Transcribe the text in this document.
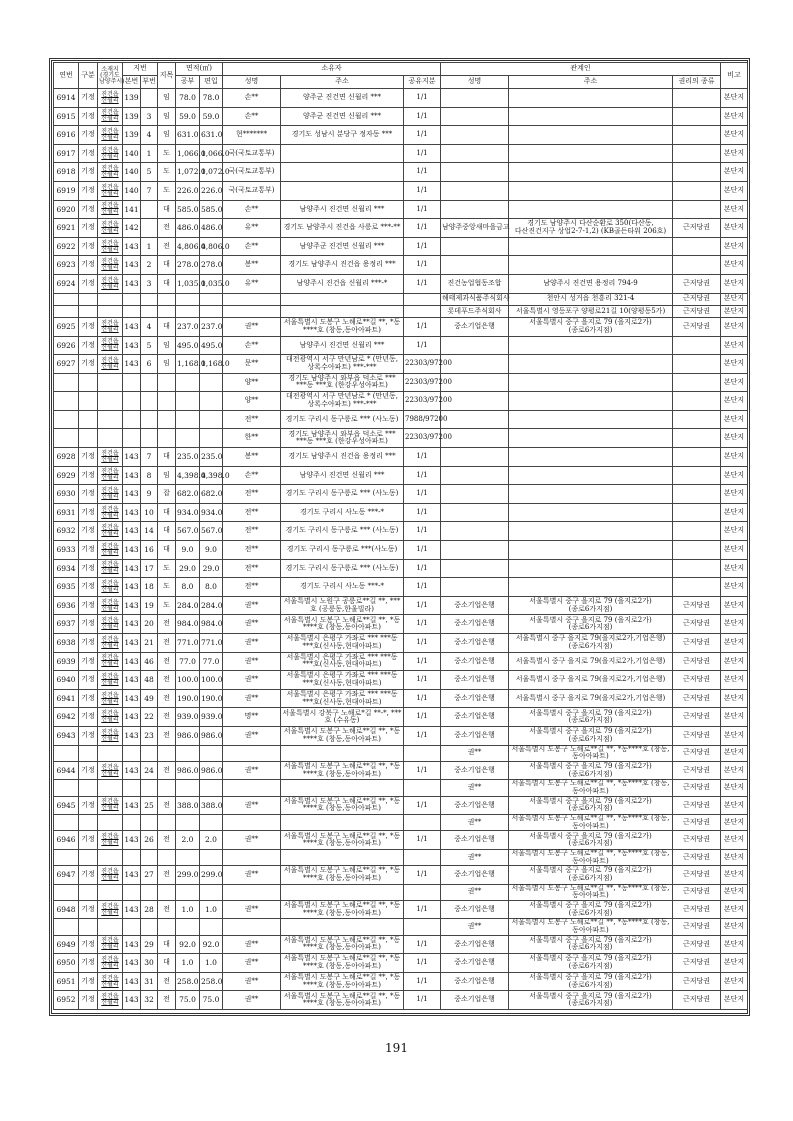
연번	구분	소재지 (경기도 남양주시)	지번		지목	면적(㎡)		소유자			관계인			비고
			본번	부번		공부	편입	성명	주소	공유지분	성명	주소	권리의 종류	
6914	기정	진건읍 신월리	139		임	78.0	78.0	손**	양주군 진건면 신월리 ***	1/1				본단지
6915	기정	진건읍 신월리	139	3	임	59.0	59.0	손**	양주군 진건면 신월리 ***	1/1				본단지
6916	기정	진건읍 신월리	139	4	임	631.0	631.0	현*******	경기도 성남시 분당구 정자동 ***	1/1				본단지
6917	기정	진건읍 신월리	140	1	도	1,066.0	1,066.0	국(국토교통부)		1/1				본단지
6918	기정	진건읍 신월리	140	5	도	1,072.0	1,072.0	국(국토교통부)		1/1				본단지
6919	기정	진건읍 신월리	140	7	도	226.0	226.0	국(국토교통부)		1/1				본단지
6920	기정	진건읍 신월리	141		대	585.0	585.0	손**	남양주시 진건면 신월리 ***	1/1				본단지
6921	기정	진건읍 신월리	142		전	486.0	486.0	유**	경기도 남양주시 진건읍 사릉로 ***-**	1/1	남양주중앙새마을금고	경기도 남양주시 다산순환로 350(다산동,다산진건지구 상업2-7-1,2) (KB골든타워 206호)	근저당권	본단지
6922	기정	진건읍 신월리	143	1	전	4,806.0	4,806.0	손**	남양주군 진건면 신월리 ***	1/1				본단지
6923	기정	진건읍 신월리	143	2	대	278.0	278.0	봉**	경기도 남양주시 진건읍 용정리 ***	1/1				본단지
6924	기정	진건읍 신월리	143	3	대	1,035.0	1,035.0	유**	남양주시 진건읍 신월리 ***-*	1/1	진건농업협동조합	남양주시 진건면 용정리 794-9	근저당권	본단지
											해태제과식품주식회사	천안시 성거읍 천흥리 321-4	근저당권	본단지
											롯데푸드주식회사	서울특별시 영등포구 양평로21길 10(양평동5가)	근저당권	본단지
6925	기정	진건읍 신월리	143	4	대	237.0	237.0	권**	서울특별시 도봉구 노해로**길 **, *동 ****호 (창동,동아아파트)	1/1	중소기업은행	서울특별시 중구 을지로 79 (을지로2가)(종로6가지점)	근저당권	본단지
6926	기정	진건읍 신월리	143	5	임	495.0	495.0	손**	남양주시 진건면 신월리 ***	1/1				본단지
6927	기정	진건읍 신월리	143	6	임	1,168.0	1,168.0	문**	대전광역시 서구 만년남로 * (만년동,상록수아파트) ***-***	22303/97200				본단지
								양**	경기도 남양주시 와부읍 덕소로 *** ***동 ***호 (한강우성아파트)	22303/97200				본단지
								양**	대전광역시 서구 만년남로 * (만년동,상록수아파트) ***-***	22303/97200				본단지
								전**	경기도 구리시 동구릉로 *** (사노동)	7988/97200				본단지
								한**	경기도 남양주시 와부읍 덕소로 *** ***동 ***호 (한강우성아파트)	22303/97200				본단지
6928	기정	진건읍 신월리	143	7	대	235.0	235.0	봉**	경기도 남양주시 진건읍 용정리 ***	1/1				본단지
6929	기정	진건읍 신월리	143	8	임	4,398.0	4,398.0	손**	남양주시 진건면 신월리 ***	1/1				본단지
6930	기정	진건읍 신월리	143	9	잡	682.0	682.0	전**	경기도 구리시 동구릉로 *** (사노동)	1/1				본단지
6931	기정	진건읍 신월리	143	10	대	934.0	934.0	전**	경기도 구리시 사노동 ***-*	1/1				본단지
6932	기정	진건읍 신월리	143	14	대	567.0	567.0	전**	경기도 구리시 동구릉로 *** (사노동)	1/1				본단지
6933	기정	진건읍 신월리	143	16	대	9.0	9.0	전**	경기도 구리시 동구릉로 ***(사노동)	1/1				본단지
6934	기정	진건읍 신월리	143	17	도	29.0	29.0	전**	경기도 구리시 동구릉로 *** (사노동)	1/1				본단지
6935	기정	진건읍 신월리	143	18	도	8.0	8.0	전**	경기도 구리시 사노동 ***-*	1/1				본단지
6936	기정	진건읍 신월리	143	19	도	284.0	284.0	권**	서울특별시 노원구 공릉로**길 **, ***호 (공릉동,한울빌라)	1/1	중소기업은행	서울특별시 중구 을지로 79 (을지로2가)(종로6가지점)	근저당권	본단지
6937	기정	진건읍 신월리	143	20	전	984.0	984.0	권**	서울특별시 도봉구 노해로**길 **, *동 ****호 (창동,동아아파트)	1/1	중소기업은행	서울특별시 중구 을지로 79 (을지로2가)(종로6가지점)	근저당권	본단지
6938	기정	진건읍 신월리	143	21	전	771.0	771.0	권**	서울특별시 은평구 가좌로 *** ***동 ***호(신사동,현대아파트)	1/1	중소기업은행	서울특별시 중구 을지로 79(을지로2가,기업은행)(종로6가지점)	근저당권	본단지
6939	기정	진건읍 신월리	143	46	전	77.0	77.0	권**	서울특별시 은평구 가좌로 *** ***동 ***호(신사동,현대아파트)	1/1	중소기업은행	서울특별시 중구 을지로 79(을지로2가,기업은행)	근저당권	본단지
6940	기정	진건읍 신월리	143	48	전	100.0	100.0	권**	서울특별시 은평구 가좌로 *** ***동 ***호(신사동,현대아파트)	1/1	중소기업은행	서울특별시 중구 을지로 79(을지로2가,기업은행)	근저당권	본단지
6941	기정	진건읍 신월리	143	49	전	190.0	190.0	권**	서울특별시 은평구 가좌로 *** ***동 ***호(신사동,현대아파트)	1/1	중소기업은행	서울특별시 중구 을지로 79(을지로2가,기업은행)	근저당권	본단지
6942	기정	진건읍 신월리	143	22	전	939.0	939.0	명**	서울특별시 강북구 노해로*길 **-*, ***호 (수유동)	1/1	중소기업은행	서울특별시 중구 을지로 79 (을지로2가)(종로6가지점)	근저당권	본단지
6943	기정	진건읍 신월리	143	23	전	986.0	986.0	권**	서울특별시 도봉구 노해로**길 **, *동 ****호 (창동,동아아파트)	1/1	중소기업은행	서울특별시 중구 을지로 79 (을지로2가)(종로6가지점)	근저당권	본단지
											권**	서울특별시 도봉구 노해로**길 **, *동****호 (창동,동아아파트)	근저당권	본단지
6944	기정	진건읍 신월리	143	24	전	986.0	986.0	권**	서울특별시 도봉구 노해로**길 **, *동 ****호 (창동,동아아파트)	1/1	중소기업은행	서울특별시 중구 을지로 79 (을지로2가)(종로6가지점)	근저당권	본단지
											권**	서울특별시 도봉구 노해로**길 **, *동****호 (창동,동아아파트)	근저당권	본단지
6945	기정	진건읍 신월리	143	25	전	388.0	388.0	권**	서울특별시 도봉구 노해로**길 **, *동 ****호 (창동,동아아파트)	1/1	중소기업은행	서울특별시 중구 을지로 79 (을지로2가)(종로6가지점)	근저당권	본단지
											권**	서울특별시 도봉구 노해로**길 **, *동****호 (창동,동아아파트)	근저당권	본단지
6946	기정	진건읍 신월리	143	26	전	2.0	2.0	권**	서울특별시 도봉구 노해로**길 **, *동 ****호 (창동,동아아파트)	1/1	중소기업은행	서울특별시 중구 을지로 79 (을지로2가)(종로6가지점)	근저당권	본단지
											권**	서울특별시 도봉구 노해로**길 **, *동****호 (창동,동아아파트)	근저당권	본단지
6947	기정	진건읍 신월리	143	27	전	299.0	299.0	권**	서울특별시 도봉구 노해로**길 **, *동 ****호 (창동,동아아파트)	1/1	중소기업은행	서울특별시 중구 을지로 79 (을지로2가)(종로6가지점)	근저당권	본단지
											권**	서울특별시 도봉구 노해로**길 **, *동****호 (창동,동아아파트)	근저당권	본단지
6948	기정	진건읍 신월리	143	28	전	1.0	1.0	권**	서울특별시 도봉구 노해로**길 **, *동 ****호 (창동,동아아파트)	1/1	중소기업은행	서울특별시 중구 을지로 79 (을지로2가)(종로6가지점)	근저당권	본단지
											권**	서울특별시 도봉구 노해로**길 **, *동****호 (창동,동아아파트)	근저당권	본단지
6949	기정	진건읍 신월리	143	29	대	92.0	92.0	권**	서울특별시 도봉구 노해로**길 **, *동 ****호 (창동,동아아파트)	1/1	중소기업은행	서울특별시 중구 을지로 79 (을지로2가)(종로6가지점)	근저당권	본단지
6950	기정	진건읍 신월리	143	30	대	1.0	1.0	권**	서울특별시 도봉구 노해로**길 **, *동 ****호 (창동,동아아파트)	1/1	중소기업은행	서울특별시 중구 을지로 79 (을지로2가)(종로6가지점)	근저당권	본단지
6951	기정	진건읍 신월리	143	31	전	258.0	258.0	권**	서울특별시 도봉구 노해로**길 **, *동 ****호 (창동,동아아파트)	1/1	중소기업은행	서울특별시 중구 을지로 79 (을지로2가)(종로6가지점)	근저당권	본단지
6952	기정	진건읍 신월리	143	32	전	75.0	75.0	권**	서울특별시 도봉구 노해로**길 **, *동 ****호 (창동,동아아파트)	1/1	중소기업은행	서울특별시 중구 을지로 79 (을지로2가)(종로6가지점)	근저당권	본단지
191
